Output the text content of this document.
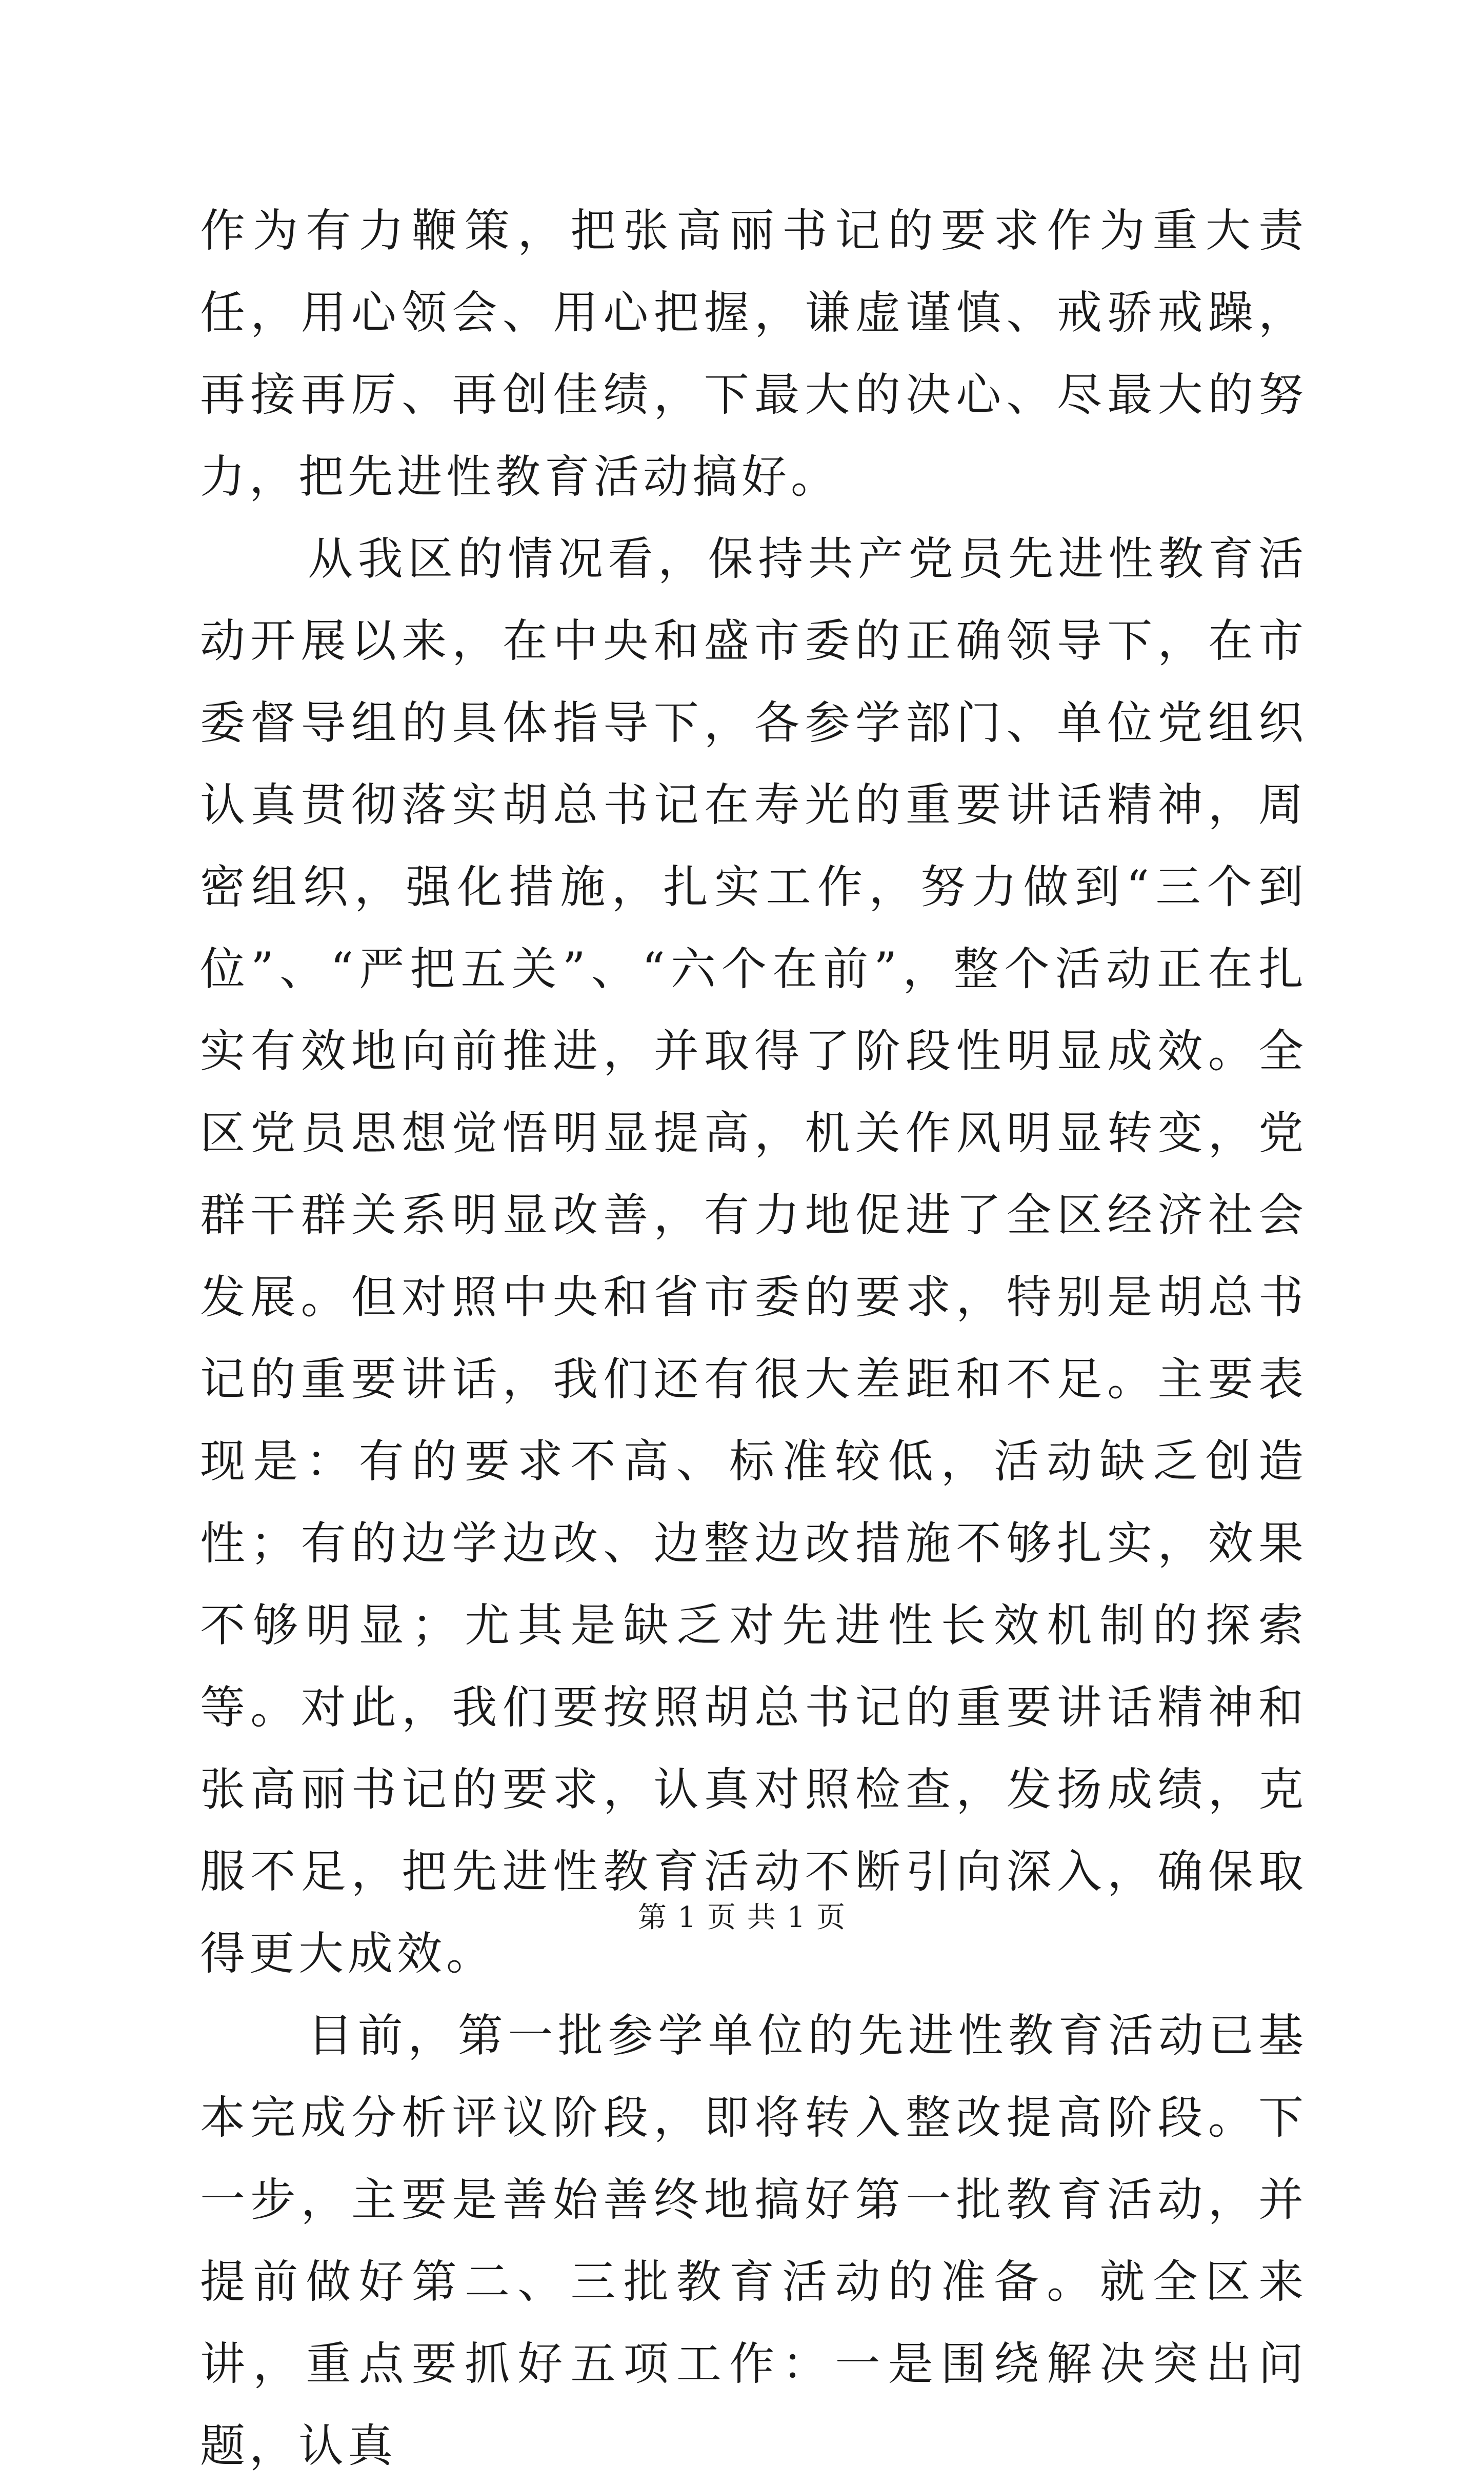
作为有力鞭策，把张高丽书记的要求作为重大责任，用心领会、用心把握，谦虚谨慎、戒骄戒躁，再接再厉、再创佳绩，下最大的决心、尽最大的努力，把先进性教育活动搞好。

从我区的情况看，保持共产党员先进性教育活动开展以来，在中央和盛市委的正确领导下，在市委督导组的具体指导下，各参学部门、单位党组织认真贯彻落实胡总书记在寿光的重要讲话精神，周密组织，强化措施，扎实工作，努力做到“三个到位”、“严把五关”、“六个在前”，整个活动正在扎实有效地向前推进，并取得了阶段性明显成效。全区党员思想觉悟明显提高，机关作风明显转变，党群干群关系明显改善，有力地促进了全区经济社会发展。但对照中央和省市委的要求，特别是胡总书记的重要讲话，我们还有很大差距和不足。主要表现是：有的要求不高、标准较低，活动缺乏创造性；有的边学边改、边整边改措施不够扎实，效果不够明显；尤其是缺乏对先进性长效机制的探索等。对此，我们要按照胡总书记的重要讲话精神和张高丽书记的要求，认真对照检查，发扬成绩，克服不足，把先进性教育活动不断引向深入，确保取得更大成效。

目前，第一批参学单位的先进性教育活动已基本完成分析评议阶段，即将转入整改提高阶段。下一步，主要是善始善终地搞好第一批教育活动，并提前做好第二、三批教育活动的准备。就全区来讲，重点要抓好五项工作：一是围绕解决突出问题，认真

第 1 页 共 1 页
